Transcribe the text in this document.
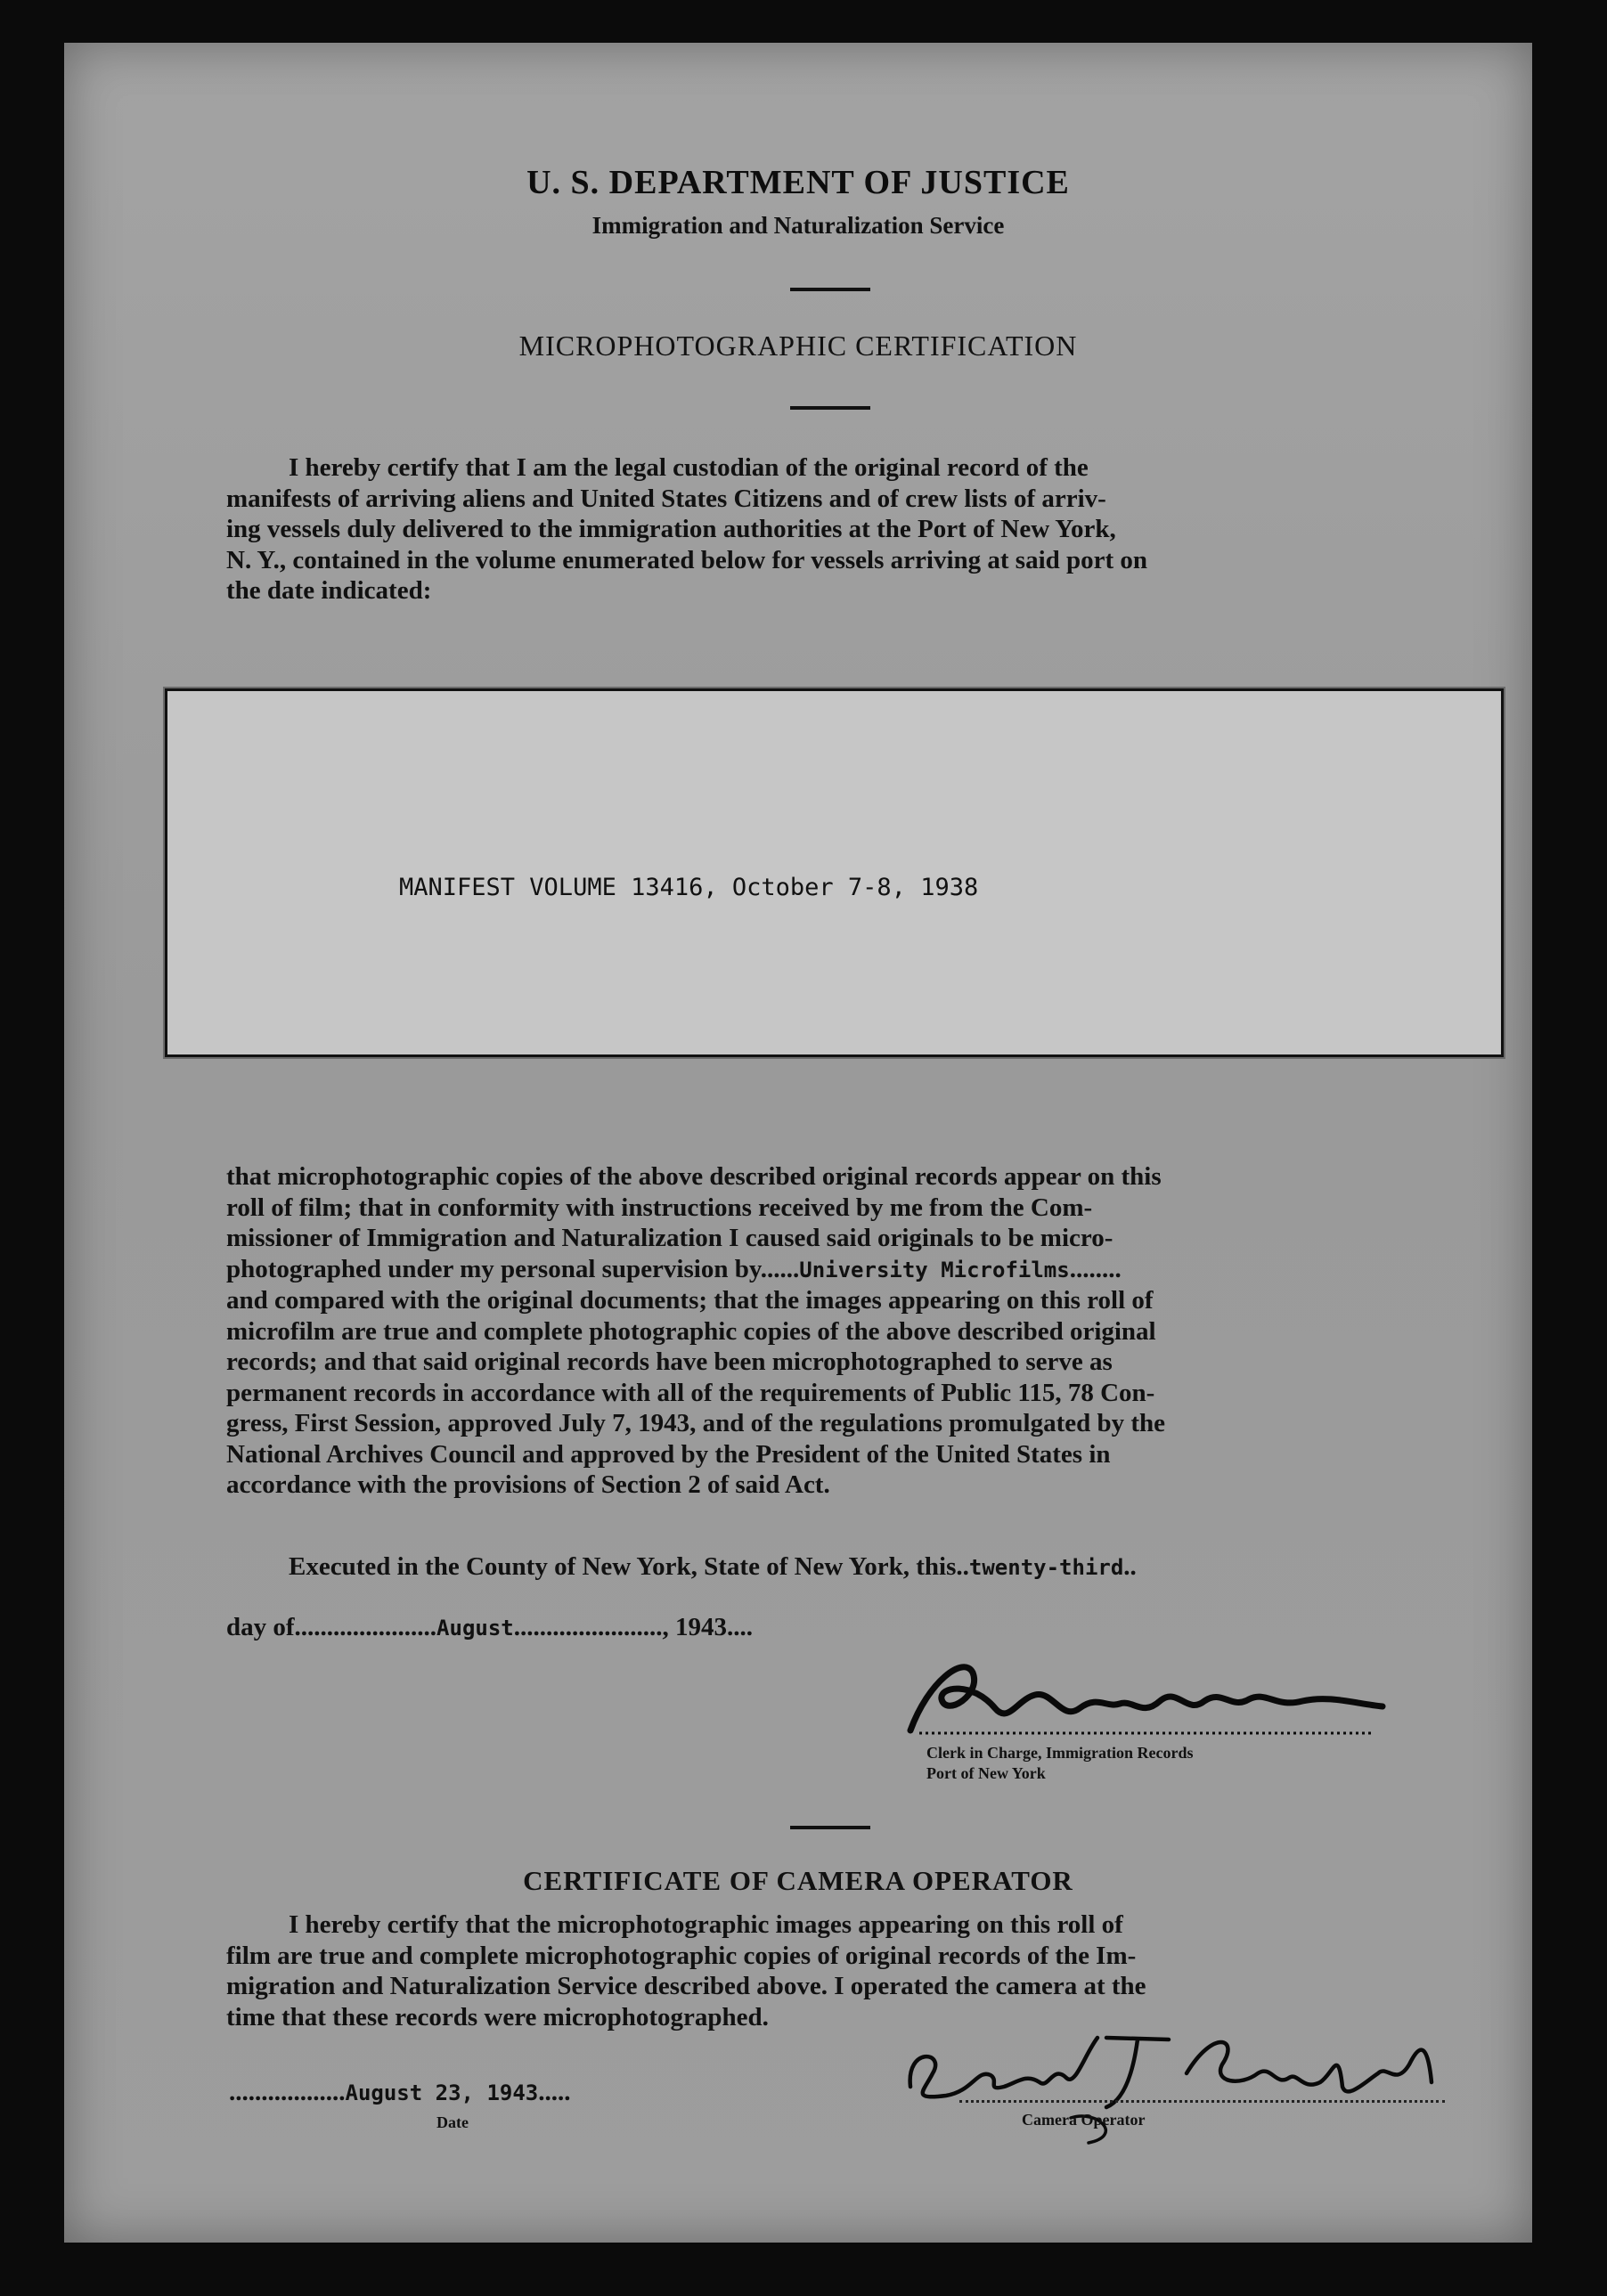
U. S. DEPARTMENT OF JUSTICE
Immigration and Naturalization Service
MICROPHOTOGRAPHIC CERTIFICATION
I hereby certify that I am the legal custodian of the original record of the
manifests of arriving aliens and United States Citizens and of crew lists of arriv-
ing vessels duly delivered to the immigration authorities at the Port of New York,
N. Y., contained in the volume enumerated below for vessels arriving at said port on
the date indicated:
MANIFEST VOLUME 13416, October 7-8, 1938
that microphotographic copies of the above described original records appear on this
roll of film; that in conformity with instructions received by me from the Com-
missioner of Immigration and Naturalization I caused said originals to be micro-
photographed under my personal supervision by......University Microfilms........
and compared with the original documents; that the images appearing on this roll of
microfilm are true and complete photographic copies of the above described original
records; and that said original records have been microphotographed to serve as
permanent records in accordance with all of the requirements of Public 115, 78 Con-
gress, First Session, approved July 7, 1943, and of the regulations promulgated by the
National Archives Council and approved by the President of the United States in
accordance with the provisions of Section 2 of said Act.
Executed in the County of New York, State of New York, this..twenty-third..
day of......................August......................., 1943....
Clerk in Charge, Immigration Records
Port of New York
CERTIFICATE OF CAMERA OPERATOR
I hereby certify that the microphotographic images appearing on this roll of
film are true and complete microphotographic copies of original records of the Im-
migration and Naturalization Service described above. I operated the camera at the
time that these records were microphotographed.
..................August 23, 1943.....
Date	Camera Operator
